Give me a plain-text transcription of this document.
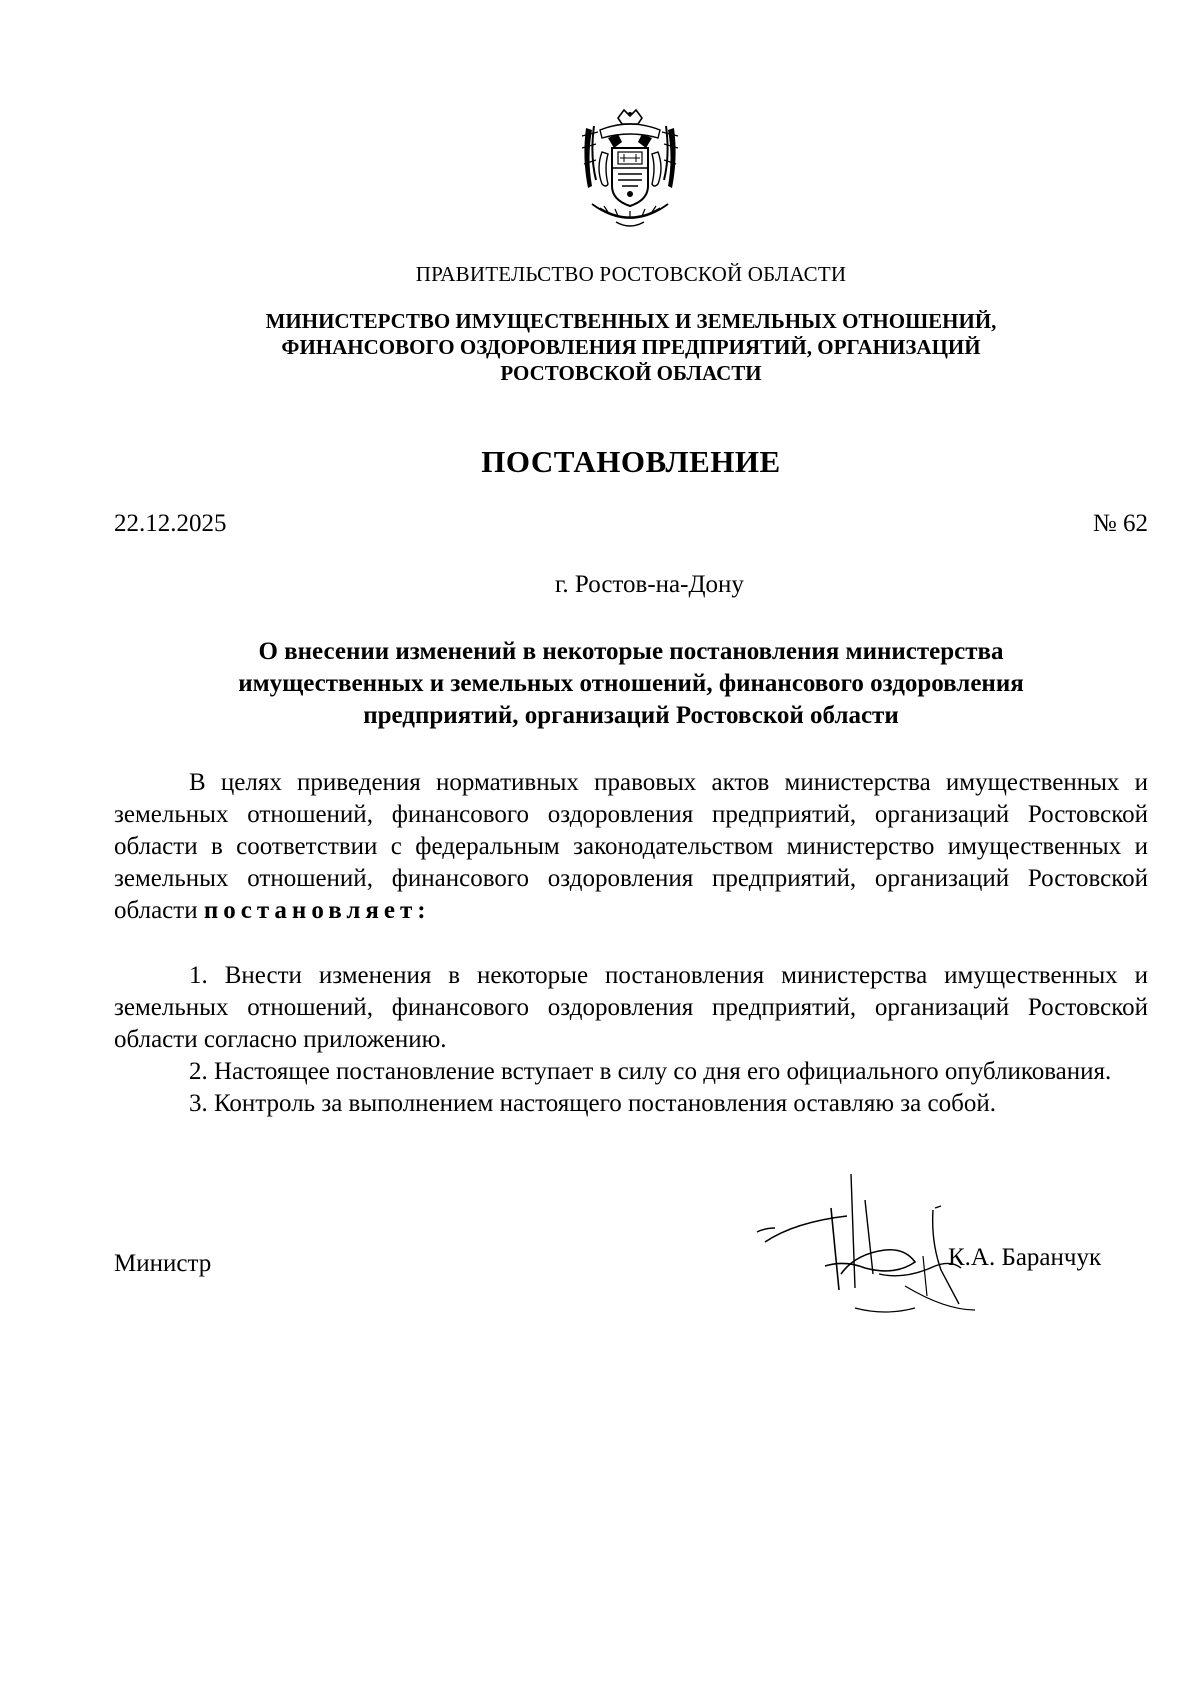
ПРАВИТЕЛЬСТВО РОСТОВСКОЙ ОБЛАСТИ
МИНИСТЕРСТВО ИМУЩЕСТВЕННЫХ И ЗЕМЕЛЬНЫХ ОТНОШЕНИЙ,
ФИНАНСОВОГО ОЗДОРОВЛЕНИЯ ПРЕДПРИЯТИЙ, ОРГАНИЗАЦИЙ
РОСТОВСКОЙ ОБЛАСТИ
ПОСТАНОВЛЕНИЕ
22.12.2025	№ 62
г. Ростов-на-Дону
О внесении изменений в некоторые постановления министерства
имущественных и земельных отношений, финансового оздоровления
предприятий, организаций Ростовской области

В целях приведения нормативных правовых актов министерства имущественных и земельных отношений, финансового оздоровления предприятий, организаций Ростовской области в соответствии с федеральным законодательством министерство имущественных и земельных отношений, финансового оздоровления предприятий, организаций Ростовской области постановляет:

1. Внести изменения в некоторые постановления министерства имущественных и земельных отношений, финансового оздоровления предприятий, организаций Ростовской области согласно приложению.

2. Настоящее постановление вступает в силу со дня его официального опубликования.

3. Контроль за выполнением настоящего постановления оставляю за собой.

Министр	К.А. Баранчук
